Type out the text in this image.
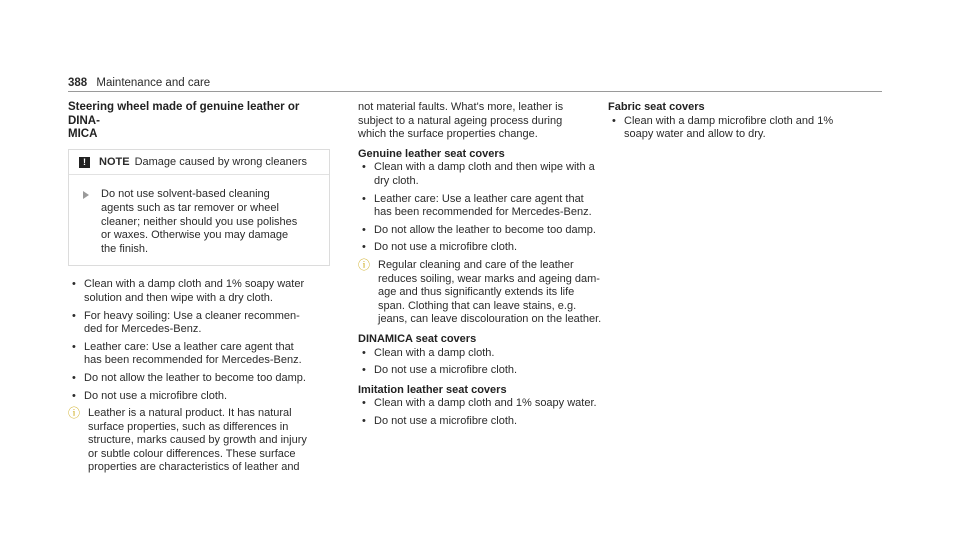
388 Maintenance and care
Steering wheel made of genuine leather or DINA-
MICA
!	NOTE Damage caused by wrong cleaners
Do not use solvent-based cleaning
agents such as tar remover or wheel
cleaner; neither should you use polishes
or waxes. Otherwise you may damage
the finish.
• Clean with a damp cloth and 1% soapy water
solution and then wipe with a dry cloth.
• For heavy soiling: Use a cleaner recommen-
ded for Mercedes-Benz.
• Leather care: Use a leather care agent that
has been recommended for Mercedes-Benz.
• Do not allow the leather to become too damp.
• Do not use a microfibre cloth.
ⓘ Leather is a natural product. It has natural
surface properties, such as differences in
structure, marks caused by growth and injury
or subtle colour differences. These surface
properties are characteristics of leather and
not material faults. What's more, leather is
subject to a natural ageing process during
which the surface properties change.
Genuine leather seat covers
• Clean with a damp cloth and then wipe with a
dry cloth.
• Leather care: Use a leather care agent that
has been recommended for Mercedes-Benz.
• Do not allow the leather to become too damp.
• Do not use a microfibre cloth.
ⓘ Regular cleaning and care of the leather
reduces soiling, wear marks and ageing dam-
age and thus significantly extends its life
span. Clothing that can leave stains, e.g.
jeans, can leave discolouration on the leather.
DINAMICA seat covers
• Clean with a damp cloth.
• Do not use a microfibre cloth.
Imitation leather seat covers
• Clean with a damp cloth and 1% soapy water.
• Do not use a microfibre cloth.
Fabric seat covers
• Clean with a damp microfibre cloth and 1%
soapy water and allow to dry.
